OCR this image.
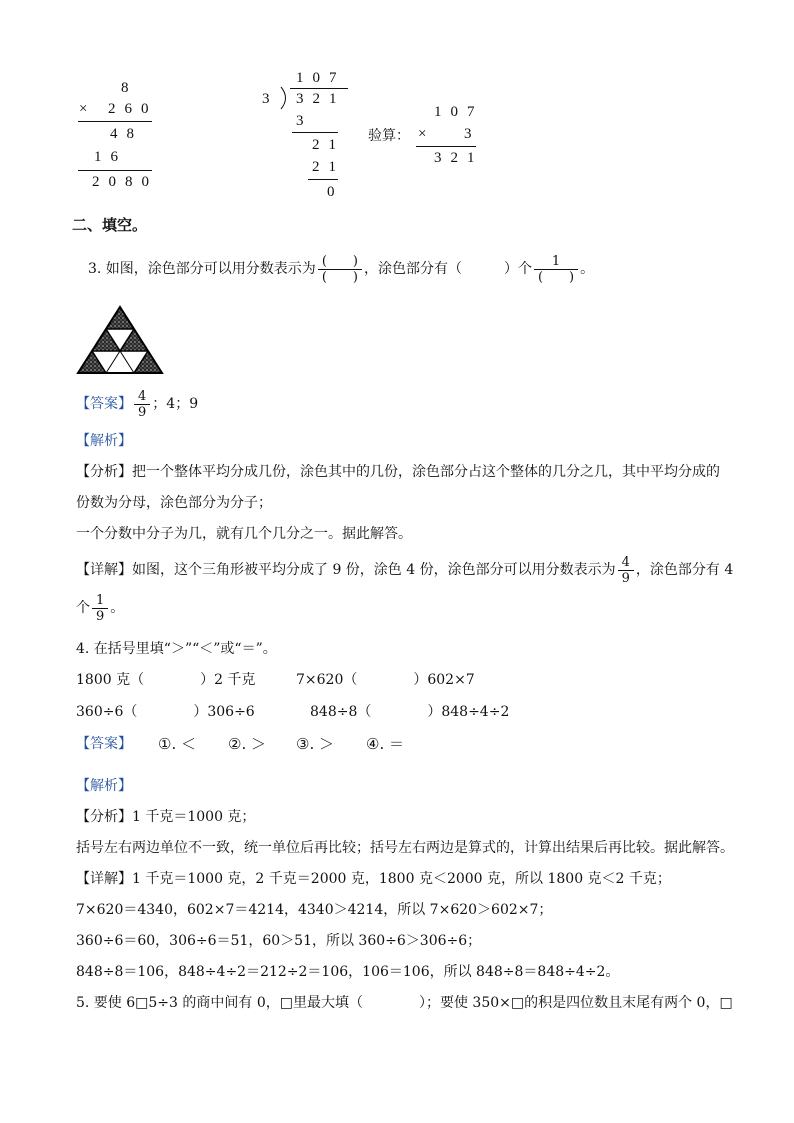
8
× 260
48
16
2080
107
3 321
3
21
21
0
验算：
107
× 3
321
二、填空。
3. 如图，涂色部分可以用分数表示为 $\frac{( )}{( )}$ ，涂色部分有（　　　）个 $\frac{1}{( )}$ 。
【答案】 $\frac{4}{9}$ ；4；9
【解析】
【分析】把一个整体平均分成几份，涂色其中的几份，涂色部分占这个整体的几分之几，其中平均分成的
份数为分母，涂色部分为分子；
一个分数中分子为几，就有几个几分之一。据此解答。
【详解】如图，这个三角形被平均分成了 9 份，涂色 4 份，涂色部分可以用分数表示为 $\frac{4}{9}$ ，涂色部分有 4
个 $\frac{1}{9}$ 。
4. 在括号里填“＞”“＜”或“＝”。
1800 克（　　　　）2 千克	7×620（　　　　）602×7
360÷6（　　　　）306÷6	848÷8（　　　　）848÷4÷2
【答案】 ①. ＜ ②. ＞ ③. ＞ ④. ＝
【解析】
【分析】1 千克＝1000 克；
括号左右两边单位不一致，统一单位后再比较；括号左右两边是算式的，计算出结果后再比较。据此解答。
【详解】1 千克＝1000 克，2 千克＝2000 克，1800 克＜2000 克，所以 1800 克＜2 千克；
7×620＝4340，602×7＝4214，4340＞4214，所以 7×620＞602×7；
360÷6＝60，306÷6＝51，60＞51，所以 360÷6＞306÷6；
848÷8＝106，848÷4÷2＝212÷2＝106，106＝106，所以 848÷8＝848÷4÷2。
5. 要使 6□5÷3 的商中间有 0，□里最大填（　　　　）；要使 350×□的积是四位数且末尾有两个 0，□
